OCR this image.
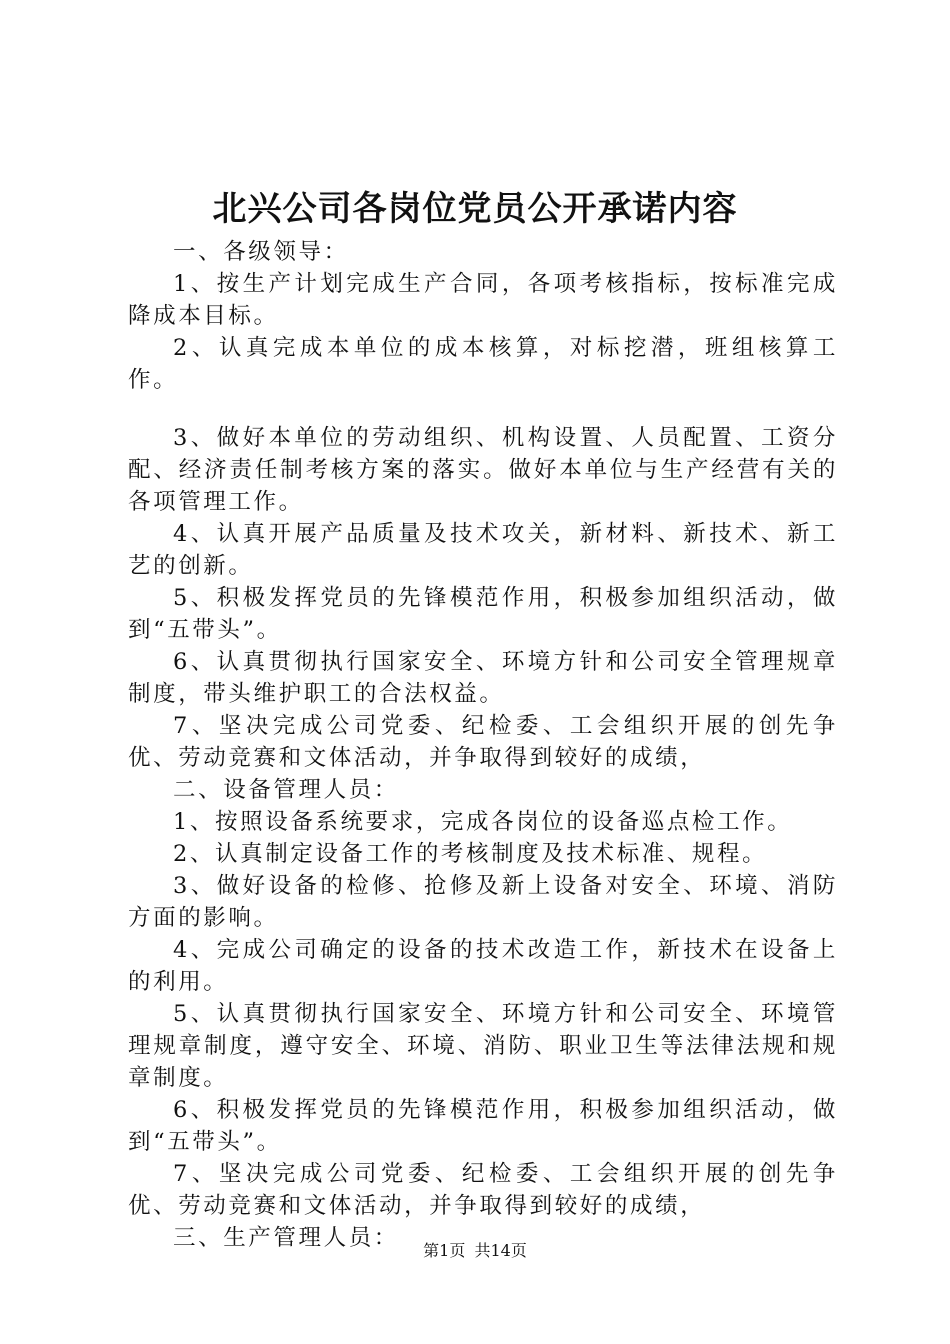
北兴公司各岗位党员公开承诺内容

一、各级领导：

1、按生产计划完成生产合同，各项考核指标，按标准完成降成本目标。

2、认真完成本单位的成本核算，对标挖潜，班组核算工作。

3、做好本单位的劳动组织、机构设置、人员配置、工资分配、经济责任制考核方案的落实。做好本单位与生产经营有关的各项管理工作。

4、认真开展产品质量及技术攻关，新材料、新技术、新工艺的创新。

5、积极发挥党员的先锋模范作用，积极参加组织活动，做到“五带头”。

6、认真贯彻执行国家安全、环境方针和公司安全管理规章制度，带头维护职工的合法权益。

7、坚决完成公司党委、纪检委、工会组织开展的创先争优、劳动竞赛和文体活动，并争取得到较好的成绩，

二、设备管理人员：

1、按照设备系统要求，完成各岗位的设备巡点检工作。

2、认真制定设备工作的考核制度及技术标准、规程。

3、做好设备的检修、抢修及新上设备对安全、环境、消防方面的影响。

4、完成公司确定的设备的技术改造工作，新技术在设备上的利用。

5、认真贯彻执行国家安全、环境方针和公司安全、环境管理规章制度，遵守安全、环境、消防、职业卫生等法律法规和规章制度。

6、积极发挥党员的先锋模范作用，积极参加组织活动，做到“五带头”。

7、坚决完成公司党委、纪检委、工会组织开展的创先争优、劳动竞赛和文体活动，并争取得到较好的成绩，

三、生产管理人员：	第1页 共14页
